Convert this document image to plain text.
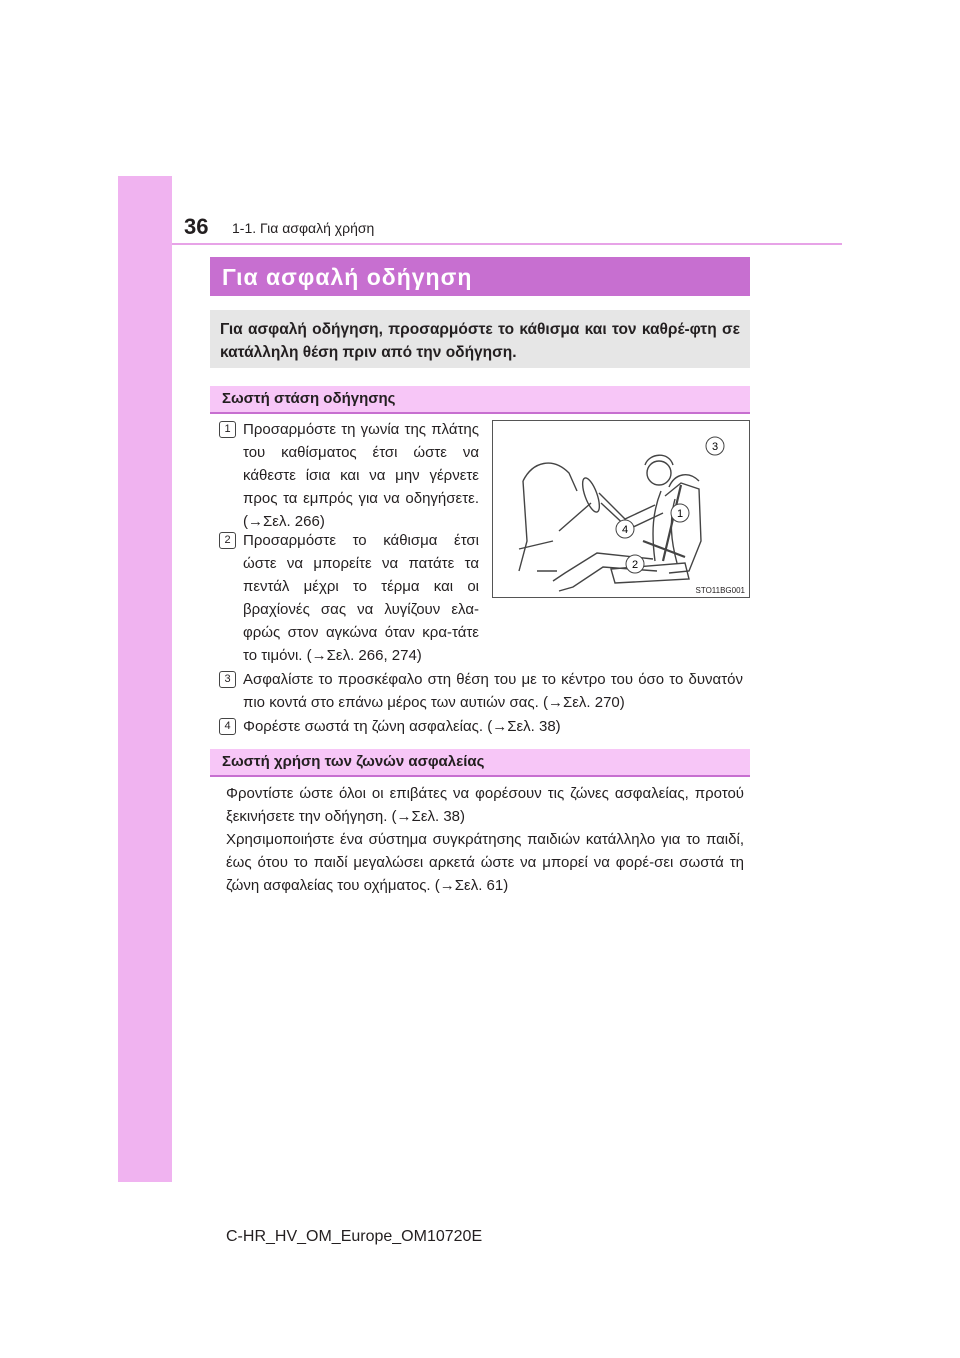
36 1-1. Για ασφαλή χρήση
Για ασφαλή οδήγηση

Για ασφαλή οδήγηση, προσαρμόστε το κάθισμα και τον καθρέ-φτη σε κατάλληλη θέση πριν από την οδήγηση.

Σωστή στάση οδήγησης
1 Προσαρμόστε τη γωνία της πλάτης του καθίσματος έτσι ώστε να κάθεστε ίσια και να μην γέρνετε προς τα εμπρός για να οδηγήσετε. (→Σελ. 266)
2 Προσαρμόστε το κάθισμα έτσι ώστε να μπορείτε να πατάτε τα πεντάλ μέχρι το τέρμα και οι βραχίονές σας να λυγίζουν ελα-φρώς στον αγκώνα όταν κρα-τάτε το τιμόνι. (→Σελ. 266, 274)
3
1
4
2
STO11BG001
3 Ασφαλίστε το προσκέφαλο στη θέση του με το κέντρο του όσο το δυνατόν πιο κοντά στο επάνω μέρος των αυτιών σας. (→Σελ. 270)
4 Φορέστε σωστά τη ζώνη ασφαλείας. (→Σελ. 38)
Σωστή χρήση των ζωνών ασφαλείας
Φροντίστε ώστε όλοι οι επιβάτες να φορέσουν τις ζώνες ασφαλείας, προτού ξεκινήσετε την οδήγηση. (→Σελ. 38)
Χρησιμοποιήστε ένα σύστημα συγκράτησης παιδιών κατάλληλο για το παιδί, έως ότου το παιδί μεγαλώσει αρκετά ώστε να μπορεί να φορέ-σει σωστά τη ζώνη ασφαλείας του οχήματος. (→Σελ. 61)
C-HR_HV_OM_Europe_OM10720E
